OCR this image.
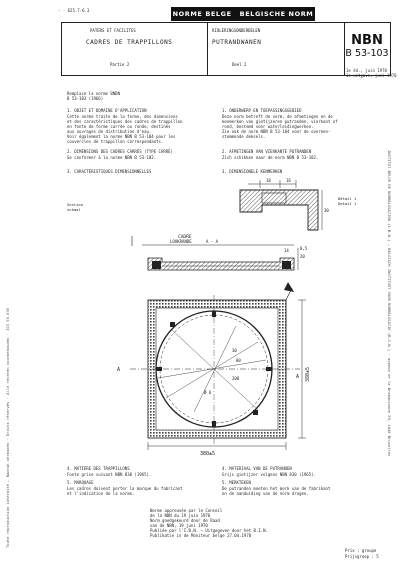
· · 625.7-6.3	NORME BELGE BELGISCHE NORM
PATERS ET FACILITES
CADRES DE TRAPPILLONS
Partie 2
RIOLERINGSONDERDELEN
PUTRANDWANEN
Deel 2
NBN
B 53-103
1e éd., juin 1970
1e uitgave, juni 1970
Remplace la norme BNBN
B 53-103 (1966)
1. OBJET ET DOMAINE D'APPLICATION
Cette norme traite de la forme, des dimensions
et des caractéristiques des cadres de trappillon
en fonte de forme carrée ou ronde, destinés
aux ouvrages de distribution d'eau.
Voir également la norme NBN B 53-104 pour les
couvercles de trappillon correspondants.
2. DIMENSIONS DES CADRES CARRÉS (TYPE CARRÉ)
Se conformer à la norme NBN B 53-102.
3. CARACTÉRISTIQUES DIMENSIONNELLES
1. ONDERWERP EN TOEPASSINGSGEBIED
Deze norm betreft de vorm, de afmetingen en de
kenmerken van gietijzeren putranden, vierkant of
rond, bestemd voor waterleidingwerken.
Zie ook de norm NBN B 53-104 voor de overeen-
stemmende deksels.
2. AFMETINGEN VAN VIERKANTE PUTRANDEN
Zich schikken naar de norm NBN B 53-102.
3. DIMENSIONELE KENMERKEN
18	16
30
Détail 1
Detail 1
Section
schaal
CADRE
LOOKRANDE	A - A
14
20
0,5
30
80
200
Ø 6
A
A 380±5
380±5
4. MATIÈRE DES TRAPPILLONS
Fonte grise suivant NBN 830 (1965).
5. MARQUAGE
Les cadres doivent porter la marque du fabricant
et l'indication de la norme.
4. MATERIAAL VAN DE PUTRANDEN
Grijs gietijzer volgens NBN 830 (1965).
5. MERKTEKEN
De putranden moeten het merk van de fabrikant
en de aanduiding van de norm dragen.
Norme approuvée par le Conseil
de la NBN du 19 juin 1970
Norm goedgekeurd door de Raad
van de NBN, 19 juni 1970
Publiée par l'I.B.N. — Uitgegeven door het B.I.N.
Publikatie in de Moniteur belge 27.04.1970
Prix : groupe
Prijsgroep : 5
INSTITUT BELGE DE NORMALISATION (I.B.N.) — BELGISCH INSTITUUT VOOR NORMALISATIE (B.I.N.) · avenue de la Brabançonne 29, 1040 Bruxelles
Toute reproduction interdite — Nadruk verboden · Droits réservés · Alle rechten voorbehouden · ICS 93.030
